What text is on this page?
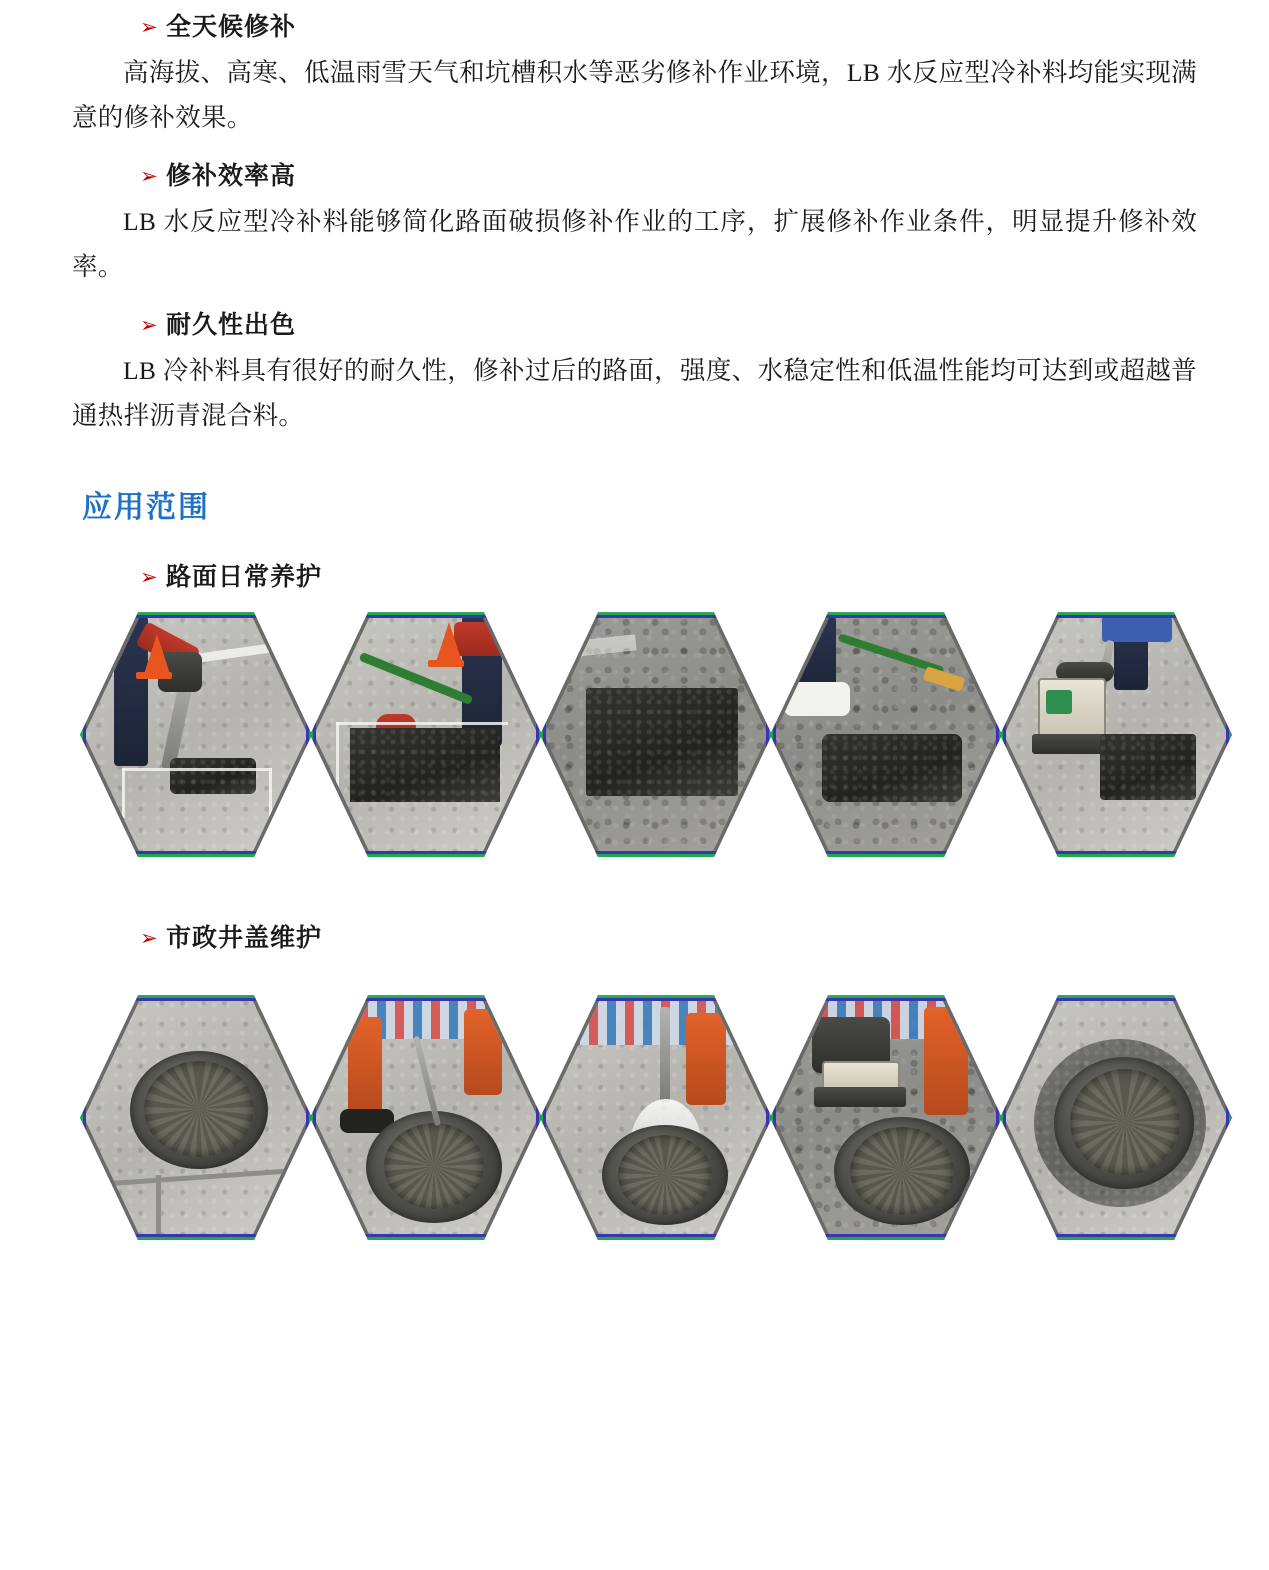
➢ 全天候修补

高海拔、高寒、低温雨雪天气和坑槽积水等恶劣修补作业环境，LB 水反应型冷补料均能实现满意的修补效果。

➢ 修补效率高

LB 水反应型冷补料能够简化路面破损修补作业的工序，扩展修补作业条件，明显提升修补效率。

➢ 耐久性出色

LB 冷补料具有很好的耐久性，修补过后的路面，强度、水稳定性和低温性能均可达到或超越普通热拌沥青混合料。

应用范围
➢ 路面日常养护
➢ 市政井盖维护
